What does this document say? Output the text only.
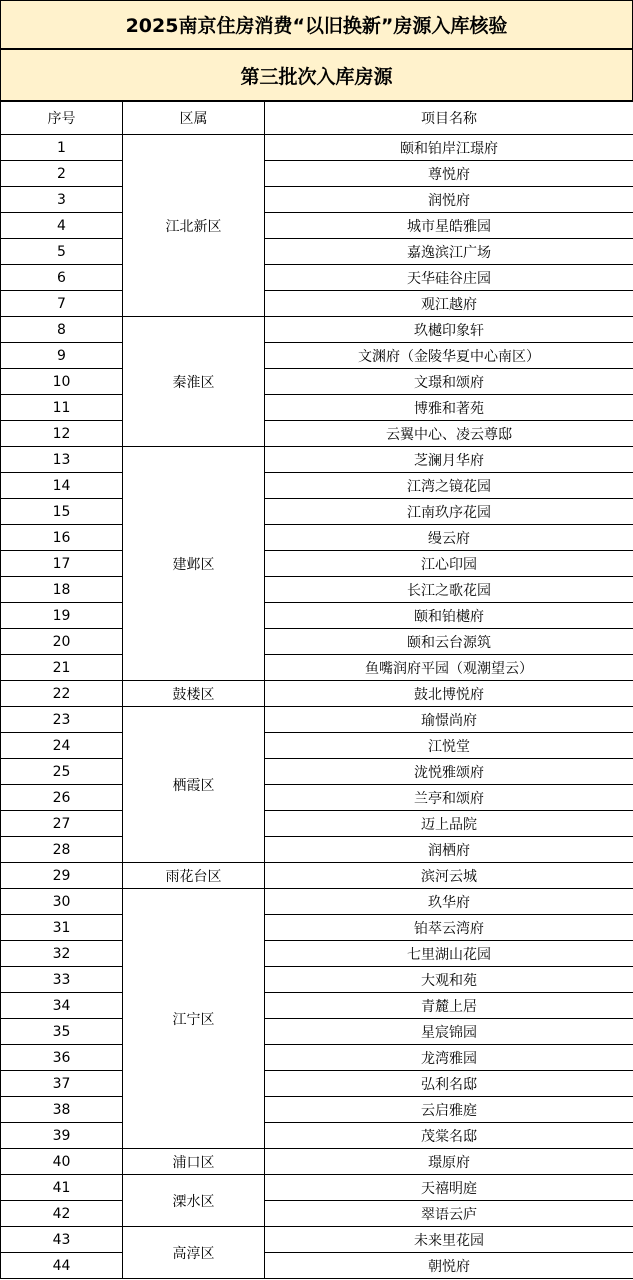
2025南京住房消费“以旧换新”房源入库核验
第三批次入库房源
序号	区属	项目名称
1	江北新区	颐和铂岸江璟府
2		尊悦府
3		润悦府
4		城市星皓雅园
5		嘉逸滨江广场
6		天华硅谷庄园
7		观江越府
8	秦淮区	玖樾印象轩
9		文渊府（金陵华夏中心南区）
10		文璟和颂府
11		博雅和著苑
12		云翼中心、凌云尊邸
13	建邺区	芝澜月华府
14		江湾之镜花园
15		江南玖序花园
16		缦云府
17		江心印园
18		长江之歌花园
19		颐和铂樾府
20		颐和云台源筑
21		鱼嘴润府平园（观潮望云）
22	鼓楼区	鼓北博悦府
23	栖霞区	瑜憬尚府
24		江悦堂
25		泷悦雅颂府
26		兰亭和颂府
27		迈上品院
28		润栖府
29	雨花台区	滨河云城
30	江宁区	玖华府
31		铂萃云湾府
32		七里湖山花园
33		大观和苑
34		青麓上居
35		星宸锦园
36		龙湾雅园
37		弘利名邸
38		云启雅庭
39		茂棠名邸
40	浦口区	璟原府
41	溧水区	天禧明庭
42		翠语云庐
43	高淳区	未来里花园
44		朝悦府
